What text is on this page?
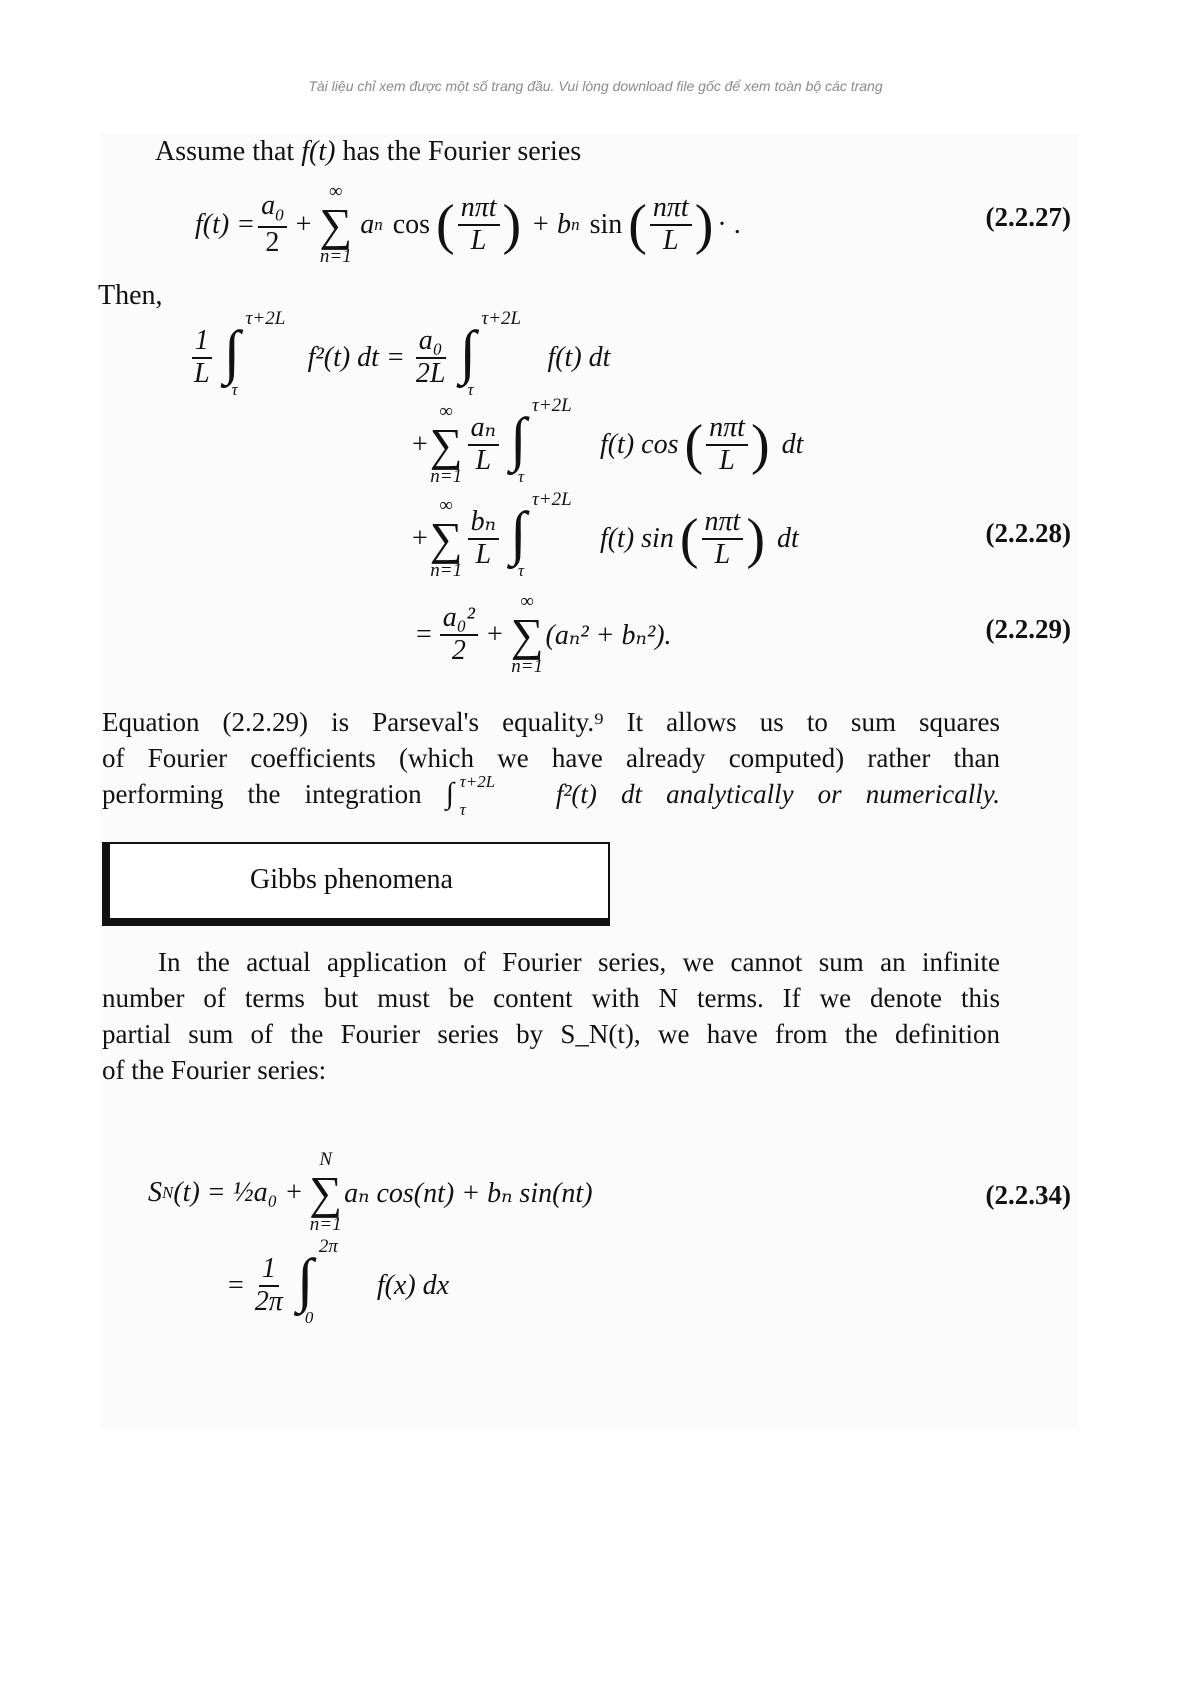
Tài liệu chỉ xem được một số trang đầu. Vui lòng download file gốc để xem toàn bộ các trang
Assume that f(t) has the Fourier series
$f(t) = \frac{a_0}{2}$ +
∞
∑
n=1
a n cos ( $\frac{\text{nπt}}{L}$ ) + b n sin ( $\frac{\text{nπt}}{L}$ ) · .	(2.2.27)
Then,
$\frac{1}{L}$ ∫
τ+2L
τ
f²(t) dt = $\frac{\text{a₀}}{2L}$ ∫
τ+2L
τ
f(t) dt
+
∞
∑
$n=1 \frac{\text{aₙ}}{L}$ ∫
τ+2L
τ
f(t) cos ( $\frac{\text{nπt}}{L}$ ) dt
+
∞
∑
$n=1 \frac{\text{bₙ}}{L}$ ∫
τ+2L
τ
f(t) sin ( $\frac{\text{nπt}}{L}$ ) dt	(2.2.28)
= $\frac{\text{a₀²}}{2}$ +
∞
∑
n=1
(aₙ² + bₙ²).	(2.2.29)
Equation (2.2.29) is Parseval's equality.⁹ It allows us to sum squares
of Fourier coefficients (which we have already computed) rather than
performing the integration ∫ τ+2L
τ
f²(t) dt analytically or numerically.
Gibbs phenomena
In the actual application of Fourier series, we cannot sum an infinite
number of terms but must be content with N terms. If we denote this
partial sum of the Fourier series by S_N(t), we have from the definition
of the Fourier series:
S N (t) = ½a₀ +
N
∑
n=1
aₙ cos(nt) + bₙ sin(nt)	(2.2.34)
= $\frac{1}{2\pi}$ ∫
2π
0
f(x) dx
